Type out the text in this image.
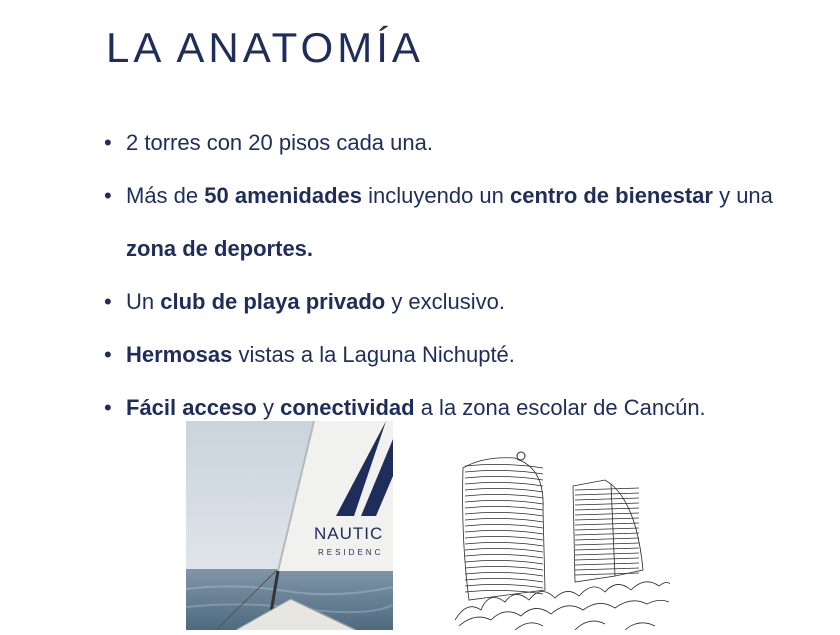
LA ANATOMÍA
• 2 torres con 20 pisos cada una.
• Más de 50 amenidades incluyendo un centro de bienestar y una zona de deportes.
• Un club de playa privado y exclusivo.
• Hermosas vistas a la Laguna Nichupté.
• Fácil acceso y conectividad a la zona escolar de Cancún.
NAUTIC
RESIDENC
